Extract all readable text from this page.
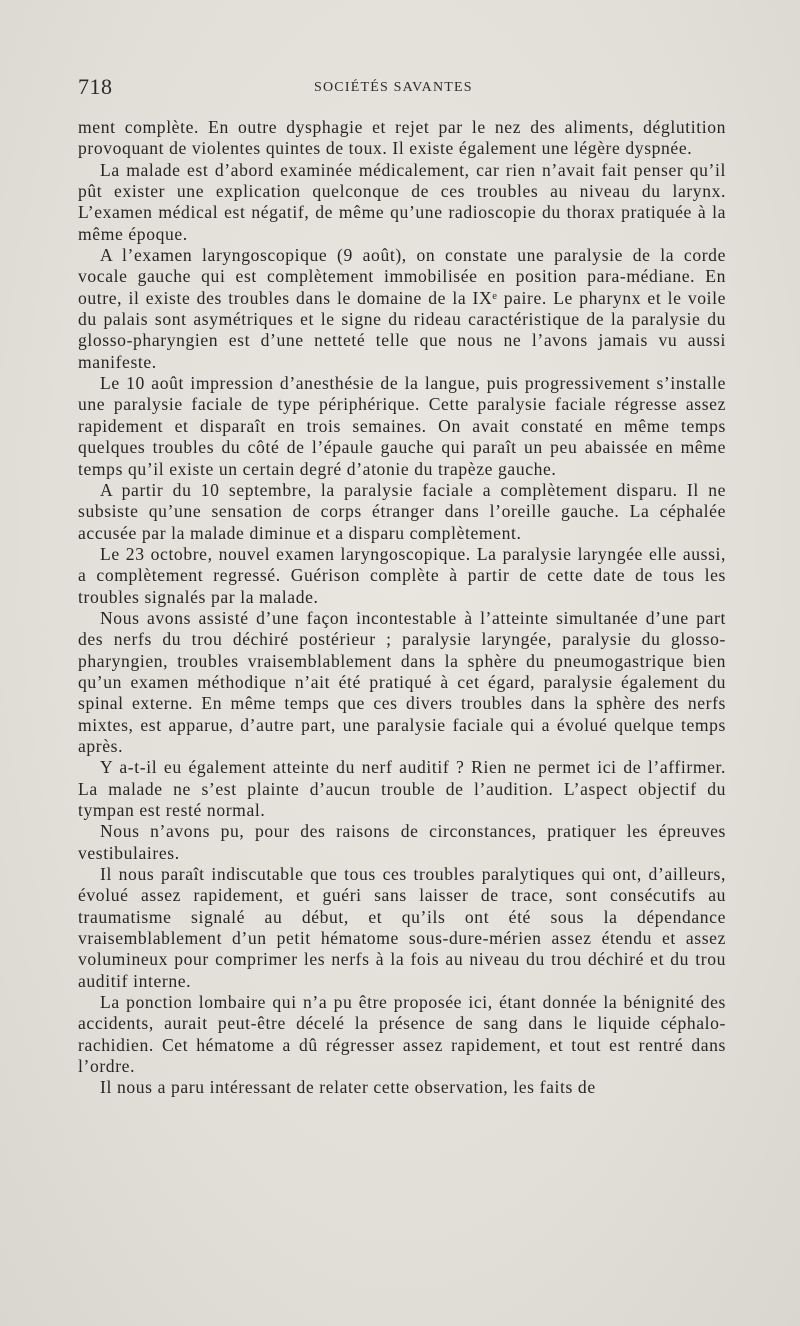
718	SOCIÉTÉS SAVANTES

ment complète. En outre dysphagie et rejet par le nez des aliments, déglutition provoquant de violentes quintes de toux. Il existe également une légère dyspnée.

La malade est d’abord examinée médicalement, car rien n’avait fait penser qu’il pût exister une explication quelconque de ces troubles au niveau du larynx. L’examen médical est négatif, de même qu’une radioscopie du thorax pratiquée à la même époque.

A l’examen laryngoscopique (9 août), on constate une paralysie de la corde vocale gauche qui est complètement immobilisée en position para-médiane. En outre, il existe des troubles dans le domaine de la IXᵉ paire. Le pharynx et le voile du palais sont asymétriques et le signe du rideau caractéristique de la paralysie du glosso-pharyngien est d’une netteté telle que nous ne l’avons jamais vu aussi manifeste.

Le 10 août impression d’anesthésie de la langue, puis progressivement s’installe une paralysie faciale de type périphérique. Cette paralysie faciale régresse assez rapidement et disparaît en trois semaines. On avait constaté en même temps quelques troubles du côté de l’épaule gauche qui paraît un peu abaissée en même temps qu’il existe un certain degré d’atonie du trapèze gauche.

A partir du 10 septembre, la paralysie faciale a complètement disparu. Il ne subsiste qu’une sensation de corps étranger dans l’oreille gauche. La céphalée accusée par la malade diminue et a disparu complètement.

Le 23 octobre, nouvel examen laryngoscopique. La paralysie laryngée elle aussi, a complètement regressé. Guérison complète à partir de cette date de tous les troubles signalés par la malade.

Nous avons assisté d’une façon incontestable à l’atteinte simultanée d’une part des nerfs du trou déchiré postérieur ; paralysie laryngée, paralysie du glosso-pharyngien, troubles vraisemblablement dans la sphère du pneumogastrique bien qu’un examen méthodique n’ait été pratiqué à cet égard, paralysie également du spinal externe. En même temps que ces divers troubles dans la sphère des nerfs mixtes, est apparue, d’autre part, une paralysie faciale qui a évolué quelque temps après.

Y a-t-il eu également atteinte du nerf auditif ? Rien ne permet ici de l’affirmer. La malade ne s’est plainte d’aucun trouble de l’audition. L’aspect objectif du tympan est resté normal.

Nous n’avons pu, pour des raisons de circonstances, pratiquer les épreuves vestibulaires.

Il nous paraît indiscutable que tous ces troubles paralytiques qui ont, d’ailleurs, évolué assez rapidement, et guéri sans laisser de trace, sont consécutifs au traumatisme signalé au début, et qu’ils ont été sous la dépendance vraisemblablement d’un petit hématome sous-dure-mérien assez étendu et assez volumineux pour comprimer les nerfs à la fois au niveau du trou déchiré et du trou auditif interne.

La ponction lombaire qui n’a pu être proposée ici, étant donnée la bénignité des accidents, aurait peut-être décelé la présence de sang dans le liquide céphalo-rachidien. Cet hématome a dû régresser assez rapidement, et tout est rentré dans l’ordre.

Il nous a paru intéressant de relater cette observation, les faits de
